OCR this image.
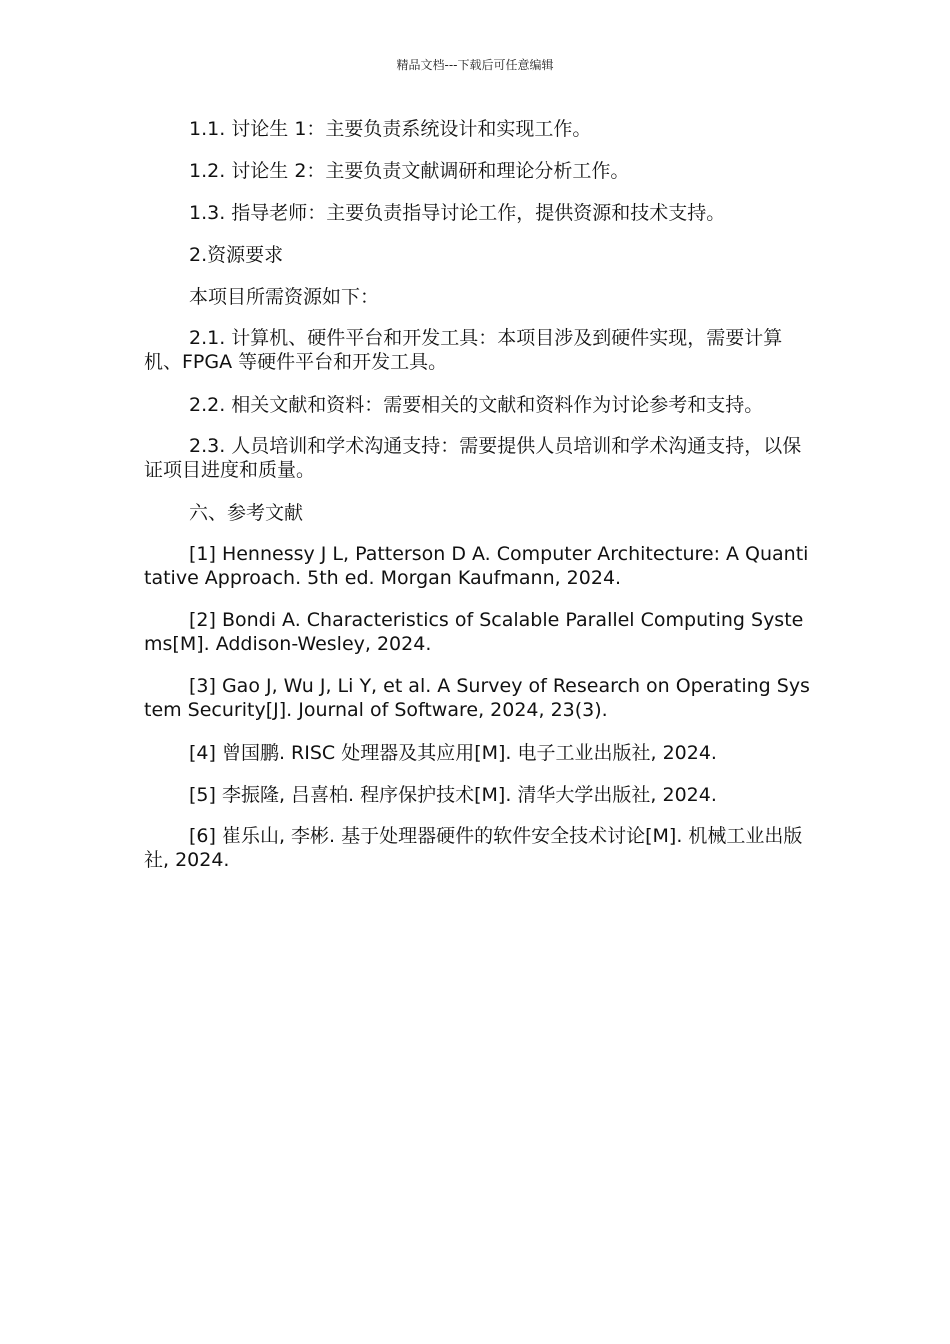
精品文档---下载后可任意编辑

1.1. 讨论生 1：主要负责系统设计和实现工作。

1.2. 讨论生 2：主要负责文献调研和理论分析工作。

1.3. 指导老师：主要负责指导讨论工作，提供资源和技术支持。

2.资源要求

本项目所需资源如下：

2.1. 计算机、硬件平台和开发工具：本项目涉及到硬件实现，需要计算机、FPGA 等硬件平台和开发工具。

2.2. 相关文献和资料：需要相关的文献和资料作为讨论参考和支持。

2.3. 人员培训和学术沟通支持：需要提供人员培训和学术沟通支持，以保证项目进度和质量。

六、参考文献

[1] Hennessy J L, Patterson D A. Computer Architecture: A Quantitative Approach. 5th ed. Morgan Kaufmann, 2024.

[2] Bondi A. Characteristics of Scalable Parallel Computing Systems[M]. Addison-Wesley, 2024.

[3] Gao J, Wu J, Li Y, et al. A Survey of Research on Operating System Security[J]. Journal of Software, 2024, 23(3).

[4] 曾国鹏. RISC 处理器及其应用[M]. 电子工业出版社, 2024.

[5] 李振隆, 吕喜柏. 程序保护技术[M]. 清华大学出版社, 2024.

[6] 崔乐山, 李彬. 基于处理器硬件的软件安全技术讨论[M]. 机械工业出版社, 2024.
